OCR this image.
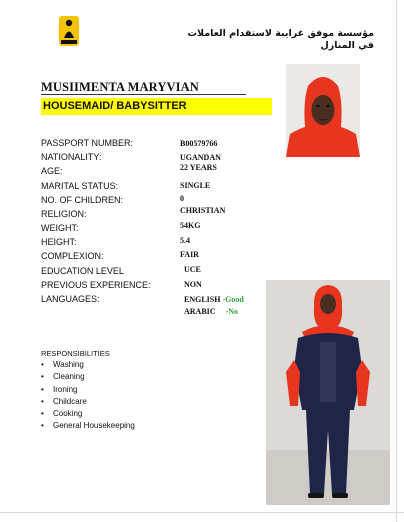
مؤسسة موفق غرايبة لاستقدام العاملات في المنازل
MUSIIMENTA MARYVIAN
HOUSEMAID/ BABYSITTER
PASSPORT NUMBER:	B00579766
NATIONALITY:	UGANDAN
AGE:	22 YEARS
MARITAL STATUS:	SINGLE
NO. OF CHILDREN:	0
RELIGION:	CHRISTIAN
WEIGHT:	54KG
HEIGHT:	5.4
COMPLEXION:	FAIR
EDUCATION LEVEL	UCE
PREVIOUS EXPERIENCE:	NON
LANGUAGES:	ENGLISH -Good
ARABIC -No
RESPONSIBILITIES
• Washing
• Cleaning
• Ironing
• Childcare
• Cooking
• General Housekeeping
